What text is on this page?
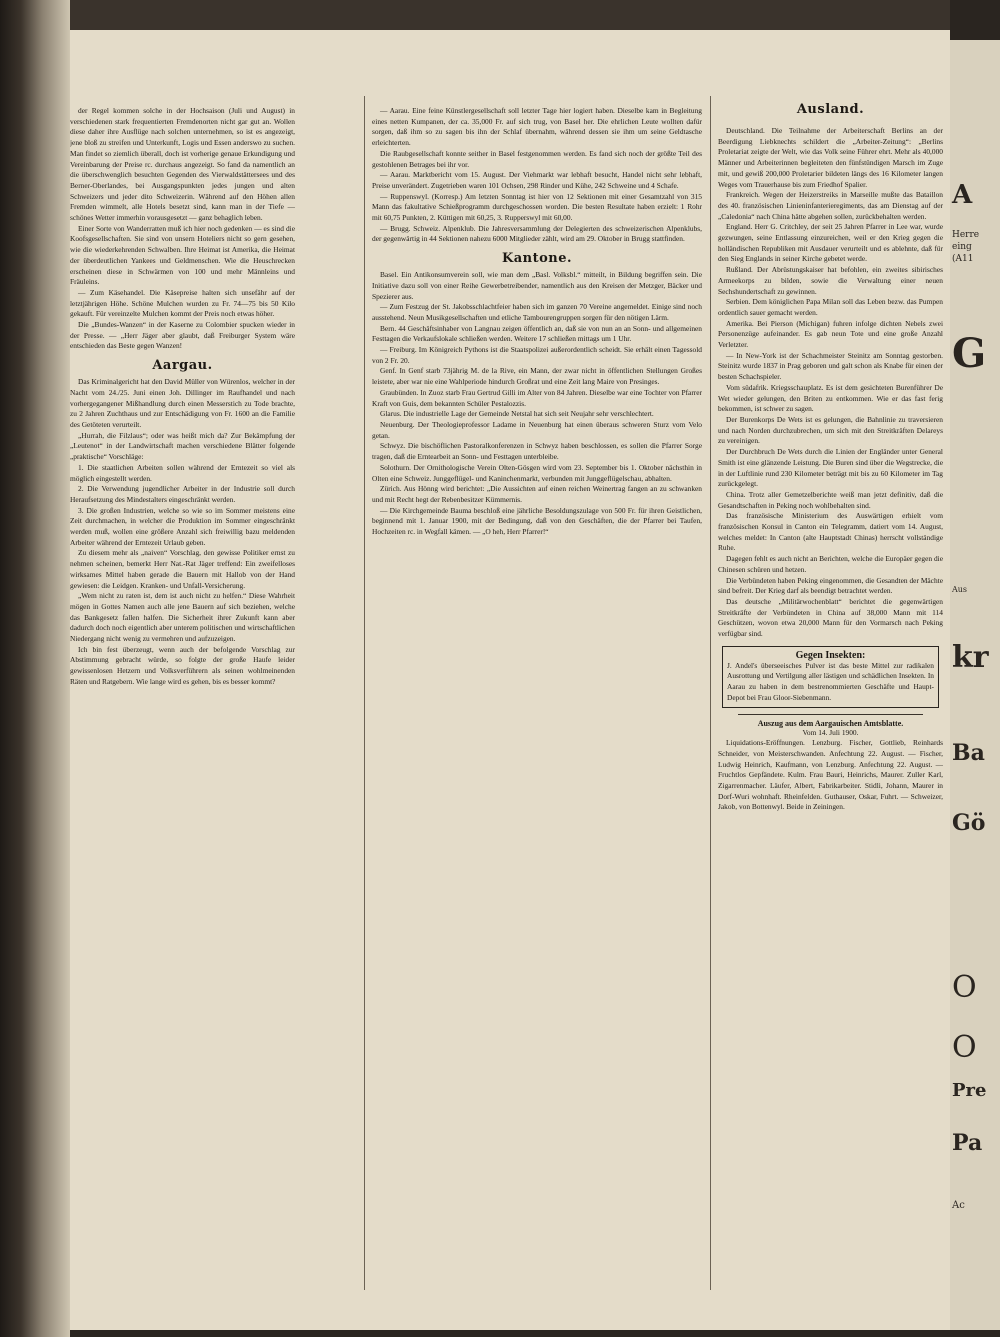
der Regel kommen solche in der Hochsaison (Juli und August) in verschiedenen stark frequentierten Fremdenorten nicht gar gut an. Wollen diese daher ihre Ausflüge nach solchen unternehmen, so ist es angezeigt, jene bloß zu streifen und Unterkunft, Logis und Essen anderswo zu suchen. Man findet so ziemlich überall, doch ist vorherige genaue Erkundigung und Vereinbarung der Preise rc. durchaus angezeigt. So fand da namentlich an die überschwenglich besuchten Gegenden des Vierwaldstättersees und des Berner-Oberlandes, bei Ausgangspunkten jedes jungen und alten Schweizers und jeder dito Schweizerin. Während auf den Höhen allen Fremden wimmelt, alle Hotels besetzt sind, kann man in der Tiefe — schönes Wetter immerhin vorausgesetzt — ganz behaglich leben.

Einer Sorte von Wanderratten muß ich hier noch gedenken — es sind die Koofsgesellschaften. Sie sind von unsern Hoteliers nicht so gern gesehen, wie die wiederkehrenden Schwalben. Ihre Heimat ist Amerika, die Heimat der überdeutlichen Yankees und Geldmenschen. Wie die Heuschrecken erscheinen diese in Schwärmen von 100 und mehr Männleins und Fräuleins.

— Zum Käsehandel. Die Käsepreise halten sich unsefähr auf der letztjährigen Höhe. Schöne Mulchen wurden zu Fr. 74—75 bis 50 Kilo gekauft. Für vereinzelte Mulchen kommt der Preis noch etwas höher.

Die „Bundes-Wanzen“ in der Kaserne zu Colombier spucken wieder in der Presse. — „Herr Jäger aber glaubt, daß Freiburger System wäre entschieden das Beste gegen Wanzen!

Aargau.

Das Kriminalgericht hat den David Müller von Würenlos, welcher in der Nacht vom 24./25. Juni einen Joh. Dillinger im Raufhandel und nach vorhergegangener Mißhandlung durch einen Messerstich zu Tode brachte, zu 2 Jahren Zuchthaus und zur Entschädigung von Fr. 1600 an die Familie des Getöteten verurteilt.

„Hurrah, die Filzlaus“; oder was heißt mich da? Zur Bekämpfung der „Leutenot“ in der Landwirtschaft machen verschiedene Blätter folgende „praktische“ Vorschläge:

1. Die staatlichen Arbeiten sollen während der Erntezeit so viel als möglich eingestellt werden.

2. Die Verwendung jugendlicher Arbeiter in der Industrie soll durch Heraufsetzung des Mindestalters eingeschränkt werden.

3. Die großen Industrien, welche so wie so im Sommer meistens eine Zeit durchmachen, in welcher die Produktion im Sommer eingeschränkt werden muß, wollen eine größere Anzahl sich freiwillig bazu meldenden Arbeiter während der Erntezeit Urlaub geben.

Zu diesem mehr als „naiven“ Vorschlag, den gewisse Politiker ernst zu nehmen scheinen, bemerkt Herr Nat.-Rat Jäger treffend: Ein zweifelloses wirksames Mittel haben gerade die Bauern mit Hallob von der Hand gewiesen: die Leidgen. Kranken- und Unfall-Versicherung.

„Wem nicht zu raten ist, dem ist auch nicht zu helfen.“ Diese Wahrheit mögen in Gottes Namen auch alle jene Bauern auf sich beziehen, welche das Bankgesetz fallen halfen. Die Sicherheit ihrer Zukunft kann aber dadurch doch noch eigentlich aber unterem politischen und wirtschaftlichen Niedergang nicht wenig zu vermehren und aufzuzeigen.

Ich bin fest überzeugt, wenn auch der befolgende Vorschlag zur Abstimmung gebracht würde, so folgte der große Haufe leider gewissenlosen Hetzern und Volksverführern als seinen wohlmeinenden Räten und Ratgebern. Wie lange wird es gehen, bis es besser kommt?

— Aarau. Eine feine Künstlergesellschaft soll letzter Tage hier logiert haben. Dieselbe kam in Begleitung eines netten Kumpanen, der ca. 35,000 Fr. auf sich trug, von Basel her. Die ehrlichen Leute wollten dafür sorgen, daß ihm so zu sagen bis ihn der Schlaf übernahm, während dessen sie ihm um seine Geldtasche erleichterten.

Die Raubgesellschaft konnte seither in Basel festgenommen werden. Es fand sich noch der größte Teil des gestohlenen Betrages bei ihr vor.

— Aarau. Marktbericht vom 15. August. Der Viehmarkt war lebhaft besucht, Handel nicht sehr lebhaft, Preise unverändert. Zugetrieben waren 101 Ochsen, 298 Rinder und Kühe, 242 Schweine und 4 Schafe.

— Ruppenswyl. (Korresp.) Am letzten Sonntag ist hier von 12 Sektionen mit einer Gesamtzahl von 315 Mann das fakultative Schießprogramm durchgeschossen worden. Die besten Resultate haben erzielt: 1 Rohr mit 60,75 Punkten, 2. Küttigen mit 60,25, 3. Rupperswyl mit 60,00.

— Brugg. Schweiz. Alpenklub. Die Jahresversammlung der Delegierten des schweizerischen Alpenklubs, der gegenwärtig in 44 Sektionen nahezu 6000 Mitglieder zählt, wird am 29. Oktober in Brugg stattfinden.

Kantone.

Basel. Ein Antikonsumverein soll, wie man dem „Basl. Volksbl.“ mitteilt, in Bildung begriffen sein. Die Initiative dazu soll von einer Reihe Gewerbetreibender, namentlich aus den Kreisen der Metzger, Bäcker und Spezierer aus.

— Zum Festzug der St. Jakobsschlachtfeier haben sich im ganzen 70 Vereine angemeldet. Einige sind noch ausstehend. Neun Musikgesellschaften und etliche Tambourengruppen sorgen für den nötigen Lärm.

Bern. 44 Geschäftsinhaber von Langnau zeigen öffentlich an, daß sie von nun an an Sonn- und allgemeinen Festtagen die Verkaufslokale schließen werden. Weitere 17 schließen mittags um 1 Uhr.

— Freiburg. Im Königreich Pythons ist die Staatspolizei außerordentlich scheidt. Sie erhält einen Tagessold von 2 Fr. 20.

Genf. In Genf starb 73jährig M. de la Rive, ein Mann, der zwar nicht in öffentlichen Stellungen Großes leistete, aber war nie eine Wahlperiode hindurch Großrat und eine Zeit lang Maire von Presinges.

Graubünden. In Zuoz starb Frau Gertrud Gilli im Alter von 84 Jahren. Dieselbe war eine Tochter von Pfarrer Kraft von Guis, dem bekannten Schüler Pestalozzis.

Glarus. Die industrielle Lage der Gemeinde Netstal hat sich seit Neujahr sehr verschlechtert.

Neuenburg. Der Theologieprofessor Ladame in Neuenburg hat einen überaus schweren Sturz vom Velo getan.

Schwyz. Die bischöflichen Pastoralkonferenzen in Schwyz haben beschlossen, es sollen die Pfarrer Sorge tragen, daß die Erntearbeit an Sonn- und Festtagen unterbleibe.

Solothurn. Der Ornithologische Verein Olten-Gösgen wird vom 23. September bis 1. Oktober nächsthin in Olten eine Schweiz. Junggeflügel- und Kaninchenmarkt, verbunden mit Junggeflügelschau, abhalten.

Zürich. Aus Hönng wird berichtet: „Die Aussichten auf einen reichen Weinertrag fangen an zu schwanken und mit Recht hegt der Rebenbesitzer Kümmernis.

— Die Kirchgemeinde Bauma beschloß eine jährliche Besoldungszulage von 500 Fr. für ihren Geistlichen, beginnend mit 1. Januar 1900, mit der Bedingung, daß von den Geschäften, die der Pfarrer bei Taufen, Hochzeiten rc. in Wegfall kämen. — „O heh, Herr Pfarrer!“

Ausland.

Deutschland. Die Teilnahme der Arbeiterschaft Berlins an der Beerdigung Liebknechts schildert die „Arbeiter-Zeitung“: „Berlins Proletariat zeigte der Welt, wie das Volk seine Führer ehrt. Mehr als 40,000 Männer und Arbeiterinnen begleiteten den fünfstündigen Marsch im Zuge mit, und gewiß 200,000 Proletarier bildeten längs des 16 Kilometer langen Weges vom Trauerhause bis zum Friedhof Spalier.

Frankreich. Wegen der Heizerstreiks in Marseille mußte das Bataillon des 40. französischen Linieninfanterieregiments, das am Dienstag auf der „Caledonia“ nach China hätte abgehen sollen, zurückbehalten werden.

England. Herr G. Critchley, der seit 25 Jahren Pfarrer in Lee war, wurde gezwungen, seine Entlassung einzureichen, weil er den Krieg gegen die holländischen Republiken mit Ausdauer verurteilt und es ablehnte, daß für den Sieg Englands in seiner Kirche gebetet werde.

Rußland. Der Abrüstungskaiser hat befohlen, ein zweites sibirisches Armeekorps zu bilden, sowie die Verwaltung einer neuen Sechshundertschaft zu gewinnen.

Serbien. Dem königlichen Papa Milan soll das Leben bezw. das Pumpen ordentlich sauer gemacht werden.

Amerika. Bei Pierson (Michigan) fuhren infolge dichten Nebels zwei Personenzüge aufeinander. Es gab neun Tote und eine große Anzahl Verletzter.

— In New-York ist der Schachmeister Steinitz am Sonntag gestorben. Steinitz wurde 1837 in Prag geboren und galt schon als Knabe für einen der besten Schachspieler.

Vom südafrik. Kriegsschauplatz. Es ist dem gesichteten Burenführer De Wet wieder gelungen, den Briten zu entkommen. Wie er das fast ferig bekommen, ist schwer zu sagen.

Der Burenkorps De Wets ist es gelungen, die Bahnlinie zu traversieren und nach Norden durchzubrechen, um sich mit den Streitkräften Delareys zu vereinigen.

Der Durchbruch De Wets durch die Linien der Engländer unter General Smith ist eine glänzende Leistung. Die Buren sind über die Wegstrecke, die in der Luftlinie rund 230 Kilometer beträgt mit bis zu 60 Kilometer im Tag zurückgelegt.

China. Trotz aller Gemetzelberichte weiß man jetzt definitiv, daß die Gesandtschaften in Peking noch wohlbehalten sind.

Das französische Ministerium des Auswärtigen erhielt vom französischen Konsul in Canton ein Telegramm, datiert vom 14. August, welches meldet: In Canton (alte Hauptstadt Chinas) herrscht vollständige Ruhe.

Dagegen fehlt es auch nicht an Berichten, welche die Europäer gegen die Chinesen schüren und hetzen.

Die Verbündeten haben Peking eingenommen, die Gesandten der Mächte sind befreit. Der Krieg darf als beendigt betrachtet werden.

Das deutsche „Militärwochenblatt“ berichtet die gegenwärtigen Streitkräfte der Verbündeten in China auf 38,000 Mann mit 114 Geschützen, wovon etwa 20,000 Mann für den Vormarsch nach Peking verfügbar sind.

Gegen Insekten:

J. Andel's überseeisches Pulver ist das beste Mittel zur radikalen Ausrottung und Vertilgung aller lästigen und schädlichen Insekten. In Aarau zu haben in dem bestrenommierten Geschäfte und Haupt-Depot bei Frau Gloor-Siebenmann.

Auszug aus dem Aargauischen Amtsblatte.
Vom 14. Juli 1900.

Liquidations-Eröffnungen. Lenzburg. Fischer, Gottlieb, Reinhards Schneider, von Meisterschwanden. Anfechtung 22. August. — Fischer, Ludwig Heinrich, Kaufmann, von Lenzburg. Anfechtung 22. August. — Fruchtlos Gepfändete. Kulm. Frau Bauri, Heinrichs, Maurer. Zuller Karl, Zigarrenmacher. Läufer, Albert, Fabrikarbeiter. Stidli, Johann, Maurer in Dorf-Wuri wohnhaft. Rheinfelden. Guthauser, Oskar, Fuhrt. — Schweizer, Jakob, von Bottenwyl. Beide in Zeiningen.

A
Herre
eing
(A11
G
Aus
Ba
kr
Gö
O
O
Pre
Pa
Ac
